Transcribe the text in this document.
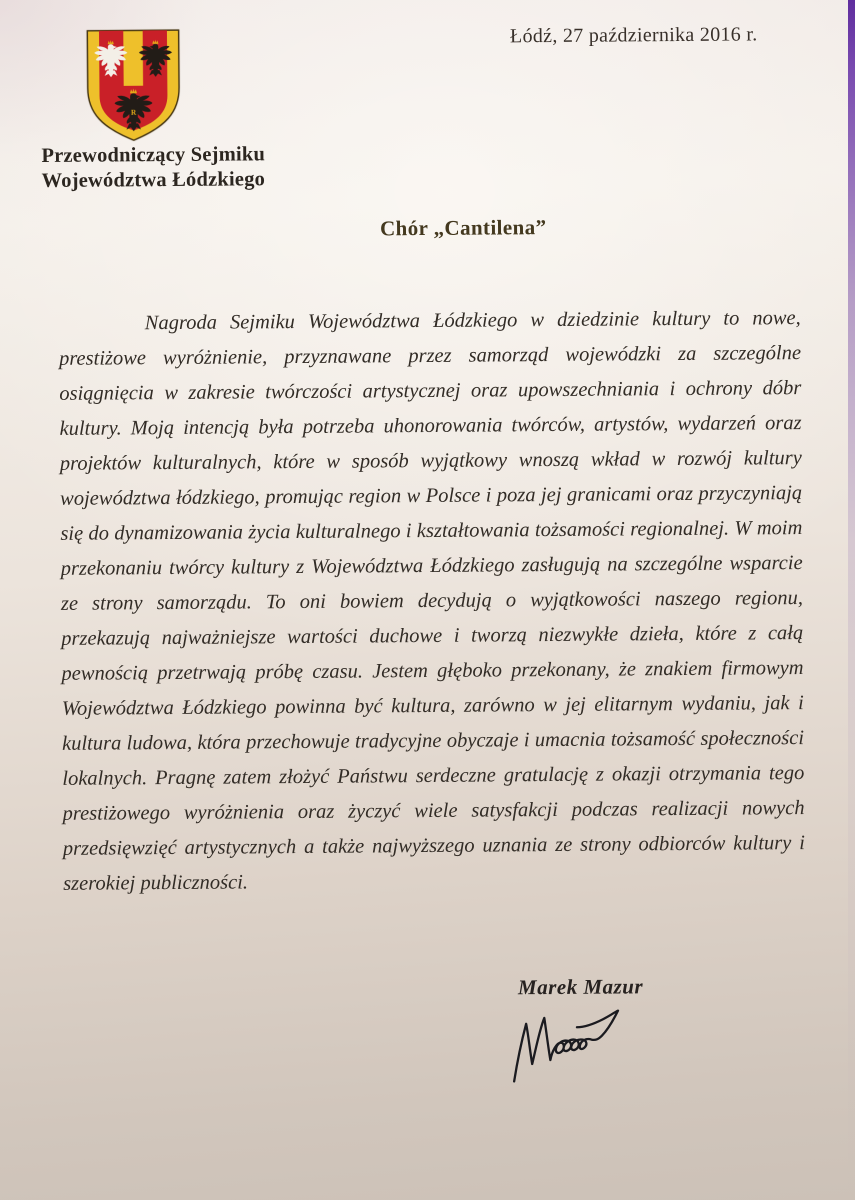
Łódź, 27 października 2016 r.
R
Przewodniczący Sejmiku
Województwa Łódzkiego
Chór „Cantilena”

Nagroda Sejmiku Województwa Łódzkiego w dziedzinie kultury to nowe, prestiżowe wyróżnienie, przyznawane przez samorząd wojewódzki za szczególne osiągnięcia w zakresie twórczości artystycznej oraz upowszechniania i ochrony dóbr kultury. Moją intencją była potrzeba uhonorowania twórców, artystów, wydarzeń oraz projektów kulturalnych, które w sposób wyjątkowy wnoszą wkład w rozwój kultury województwa łódzkiego, promując region w Polsce i poza jej granicami oraz przyczyniają się do dynamizowania życia kulturalnego i kształtowania tożsamości regionalnej. W moim przekonaniu twórcy kultury z Województwa Łódzkiego zasługują na szczególne wsparcie ze strony samorządu. To oni bowiem decydują o wyjątkowości naszego regionu, przekazują najważniejsze wartości duchowe i tworzą niezwykłe dzieła, które z całą pewnością przetrwają próbę czasu. Jestem głęboko przekonany, że znakiem firmowym Województwa Łódzkiego powinna być kultura, zarówno w jej elitarnym wydaniu, jak i kultura ludowa, która przechowuje tradycyjne obyczaje i umacnia tożsamość społeczności lokalnych. Pragnę zatem złożyć Państwu serdeczne gratulację z okazji otrzymania tego prestiżowego wyróżnienia oraz życzyć wiele satysfakcji podczas realizacji nowych przedsięwzięć artystycznych a także najwyższego uznania ze strony odbiorców kultury i szerokiej publiczności.

Marek Mazur
